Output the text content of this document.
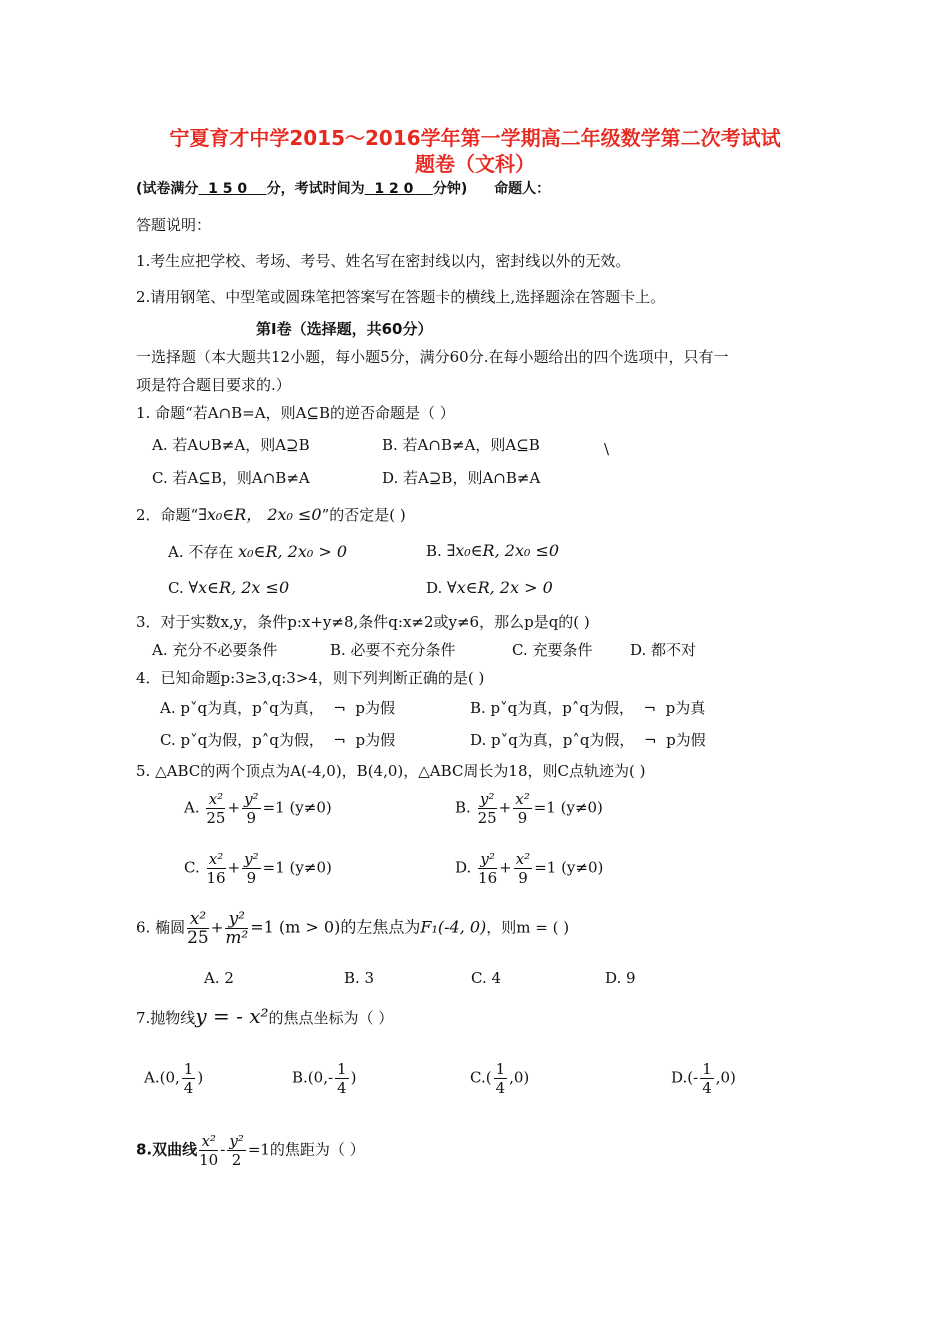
宁夏育才中学2015～2016学年第一学期高二年级数学第二次考试试
题卷（文科）
(试卷满分  1 5 0    分，考试时间为  1 2 0    分钟) 命题人：
答题说明：
1.考生应把学校、考场、考号、姓名写在密封线以内，密封线以外的无效。
2.请用钢笔、中型笔或圆珠笔把答案写在答题卡的横线上,选择题涂在答题卡上。
第Ⅰ卷（选择题，共60分）
一选择题（本大题共12小题，每小题5分，满分60分.在每小题给出的四个选项中，只有一
项是符合题目要求的.）
1. 命题“若A∩B=A，则A⊆B的逆否命题是（ ）
A. 若A∪B≠A，则A⊇B	B. 若A∩B≠A，则A⊆B	\
C. 若A⊆B，则A∩B≠A	D. 若A⊇B，则A∩B≠A
2．命题“∃x₀∈R， 2x₀ ≤0”的否定是( )
A. 不存在 x₀∈R, 2x₀ > 0	B. ∃x₀∈R, 2x₀ ≤0
C. ∀x∈R, 2x ≤0	D. ∀x∈R, 2x > 0
3．对于实数x,y，条件p:x+y≠8,条件q:x≠2或y≠6，那么p是q的( )
A. 充分不必要条件	B. 必要不充分条件	C. 充要条件	D. 都不对
4．已知命题p:3≥3,q:3>4，则下列判断正确的是( )
A. p˅q为真，p˄q为真，  ¬  p为假	B. p˅q为真，p˄q为假，  ¬  p为真
C. p˅q为假，p˄q为假，  ¬  p为假	D. p˅q为真，p˄q为假，  ¬  p为假
5. △ABC的两个顶点为A(-4,0)，B(4,0)，△ABC周长为18，则C点轨迹为( )
A. $\frac{\text{x²}}{25} + \frac{\text{y²}}{9} =1$ (y≠0)	B. $\frac{\text{y²}}{25} + \frac{\text{x²}}{9} =1$ (y≠0)
C. $\frac{\text{x²}}{16} + \frac{\text{y²}}{9} =1$ (y≠0)	D. $\frac{\text{y²}}{16} + \frac{\text{x²}}{9} =1$ (y≠0)
6. 椭圆 $\frac{\text{x²}}{25} + \frac{\text{y²}}{\text{m²}} =1$ (m > 0)的左焦点为F₁(-4, 0)，则m = ( )
A. 2	B. 3	C. 4	D. 9
7.抛物线y = - x²的焦点坐标为（ ）
A.(0, $\frac{1}{4}$ )	$B.(0,- \frac{1}{4}$ )	$C.( \frac{1}{4} ,0)$	$D.(- \frac{1}{4} ,0)$
8.双曲线 $\frac{\text{x²}}{10} - \frac{\text{y²}}{2} =1$的焦距为（ ）
